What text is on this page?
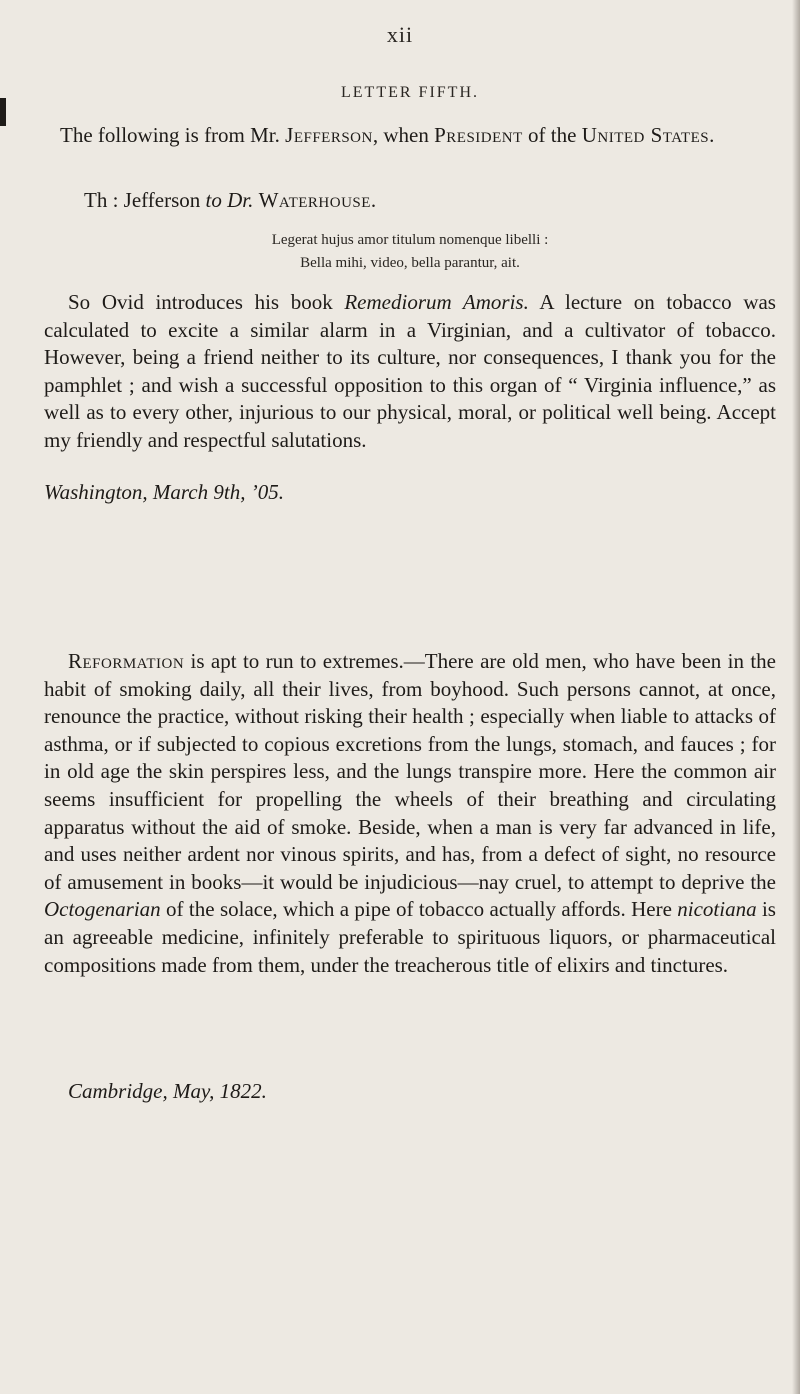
xii
LETTER FIFTH.
The following is from Mr. Jefferson, when President of the United States.
Th : Jefferson to Dr. Waterhouse.
Legerat hujus amor titulum nomenque libelli :
Bella mihi, video, bella parantur, ait.
So Ovid introduces his book Remediorum Amoris. A lecture on tobacco was calculated to excite a similar alarm in a Virginian, and a cultivator of tobacco. However, being a friend neither to its culture, nor consequences, I thank you for the pamphlet ; and wish a successful opposition to this organ of “ Virginia influence,” as well as to every other, injurious to our physical, moral, or political well being. Accept my friendly and respectful salutations.
Washington, March 9th, ’05.
Reformation is apt to run to extremes.—There are old men, who have been in the habit of smoking daily, all their lives, from boyhood. Such persons cannot, at once, renounce the practice, without risking their health ; especially when liable to attacks of asthma, or if subjected to copious excretions from the lungs, stomach, and fauces ; for in old age the skin perspires less, and the lungs transpire more. Here the common air seems insufficient for propelling the wheels of their breathing and circulating apparatus without the aid of smoke. Beside, when a man is very far advanced in life, and uses neither ardent nor vinous spirits, and has, from a defect of sight, no resource of amusement in books—it would be injudicious—nay cruel, to attempt to deprive the Octogenarian of the solace, which a pipe of tobacco actually affords. Here nicotiana is an agreeable medicine, infinitely preferable to spirituous liquors, or pharmaceutical compositions made from them, under the treacherous title of elixirs and tinctures.
Cambridge, May, 1822.
